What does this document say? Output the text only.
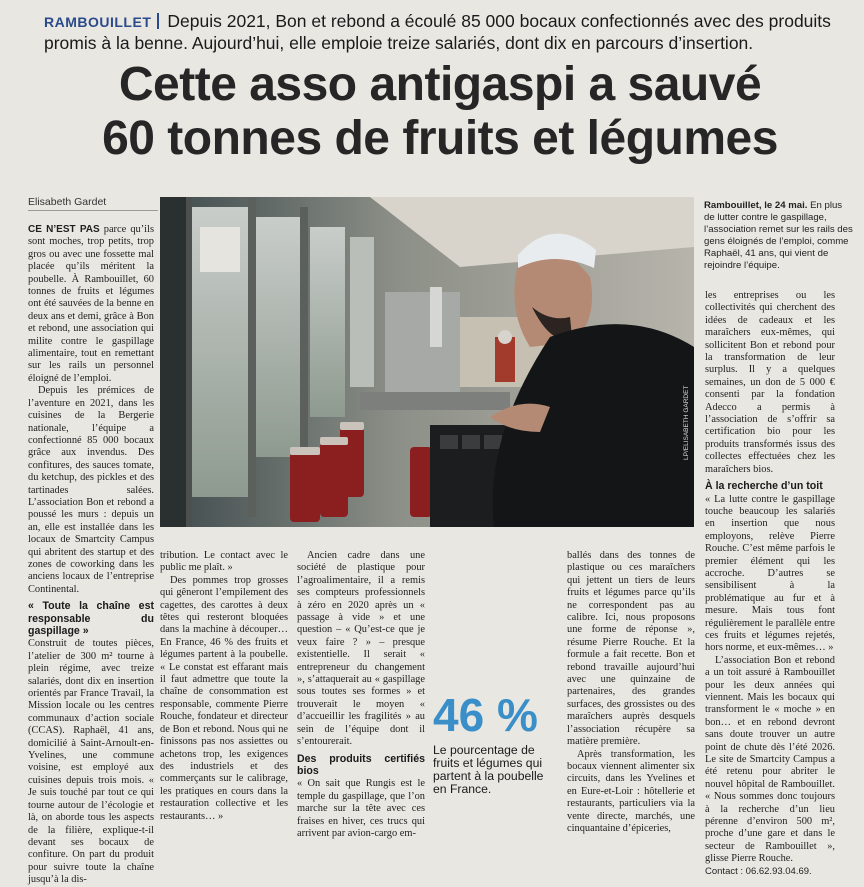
RAMBOUILLET Depuis 2021, Bon et rebond a écoulé 85 000 bocaux confectionnés avec des produits promis à la benne. Aujourd’hui, elle emploie treize salariés, dont dix en parcours d’insertion.
Cette asso antigaspi a sauvé
60 tonnes de fruits et légumes
Elisabeth Gardet
LP/ELISABETH GARDET
Rambouillet, le 24 mai. En plus de lutter contre le gaspillage, l’association remet sur les rails des gens éloignés de l’emploi, comme Raphaël, 41 ans, qui vient de rejoindre l’équipe.

CE N’EST PAS parce qu’ils sont moches, trop petits, trop gros ou avec une fossette mal placée qu’ils méritent la poubelle. À Rambouillet, 60 tonnes de fruits et légumes ont été sauvées de la benne en deux ans et demi, grâce à Bon et rebond, une association qui milite contre le gaspillage alimentaire, tout en remettant sur les rails un personnel éloigné de l’emploi.

Depuis les prémices de l’aventure en 2021, dans les cuisines de la Bergerie nationale, l’équipe a confectionné 85 000 bocaux grâce aux invendus. Des confitures, des sauces tomate, du ketchup, des pickles et des tartinades salées. L’association Bon et rebond a poussé les murs : depuis un an, elle est installée dans les locaux de Smartcity Campus qui abritent des startup et des zones de coworking dans les anciens locaux de l’entreprise Continental.

« Toute la chaîne est responsable du gaspillage »

Construit de toutes pièces, l’atelier de 300 m² tourne à plein régime, avec treize salariés, dont dix en insertion orientés par France Travail, la Mission locale ou les centres communaux d’action sociale (CCAS). Raphaël, 41 ans, domicilié à Saint-Arnoult-en-Yvelines, une commune voisine, est employé aux cuisines depuis trois mois. « Je suis touché par tout ce qui tourne autour de l’écologie et là, on aborde tous les aspects de la filière, explique-t-il devant ses bocaux de confiture. On part du produit pour suivre toute la chaîne jusqu’à la dis-

tribution. Le contact avec le public me plaît. »

Des pommes trop grosses qui gêneront l’empilement des cagettes, des carottes à deux têtes qui resteront bloquées dans la machine à découper… En France, 46 % des fruits et légumes partent à la poubelle. « Le constat est effarant mais il faut admettre que toute la chaîne de consommation est responsable, commente Pierre Rouche, fondateur et directeur de Bon et rebond. Nous qui ne finissons pas nos assiettes ou achetons trop, les exigences des industriels et des commerçants sur le calibrage, les pratiques en cours dans la restauration collective et les restaurants… »

Ancien cadre dans une société de plastique pour l’agroalimentaire, il a remis ses compteurs professionnels à zéro en 2020 après un « passage à vide » et une question – « Qu’est-ce que je veux faire ? » – presque existentielle. Il serait « entrepreneur du changement », s’attaquerait au « gaspillage sous toutes ses formes » et trouverait le moyen « d’accueillir les fragilités » au sein de l’équipe dont il s’entourerait.

Des produits certifiés bios

« On sait que Rungis est le temple du gaspillage, que l’on marche sur la tête avec ces fraises en hiver, ces trucs qui arrivent par avion-cargo em-

46 %
Le pourcentage de fruits et légumes qui partent à la poubelle en France.

ballés dans des tonnes de plastique ou ces maraîchers qui jettent un tiers de leurs fruits et légumes parce qu’ils ne correspondent pas au calibre. Ici, nous proposons une forme de réponse », résume Pierre Rouche. Et la formule a fait recette. Bon et rebond travaille aujourd’hui avec une quinzaine de partenaires, des grandes surfaces, des grossistes ou des maraîchers auprès desquels l’association récupère sa matière première.

Après transformation, les bocaux viennent alimenter six circuits, dans les Yvelines et en Eure-et-Loir : hôtellerie et restaurants, particuliers via la vente directe, marchés, une cinquantaine d’épiceries,

les entreprises ou les collectivités qui cherchent des idées de cadeaux et les maraîchers eux-mêmes, qui sollicitent Bon et rebond pour la transformation de leur surplus. Il y a quelques semaines, un don de 5 000 € consenti par la fondation Adecco a permis à l’association de s’offrir sa certification bio pour les produits transformés issus des collectes effectuées chez les maraîchers bios.

À la recherche d’un toit

« La lutte contre le gaspillage touche beaucoup les salariés en insertion que nous employons, relève Pierre Rouche. C’est même parfois le premier élément qui les accroche. D’autres se sensibilisent à la problématique au fur et à mesure. Mais tous font régulièrement le parallèle entre ces fruits et légumes rejetés, hors norme, et eux-mêmes… »

L’association Bon et rebond a un toit assuré à Rambouillet pour les deux années qui viennent. Mais les bocaux qui transforment le « moche » en bon… et en rebond devront sans doute trouver un autre point de chute dès l’été 2026. Le site de Smartcity Campus a été retenu pour abriter le nouvel hôpital de Rambouillet. « Nous sommes donc toujours à la recherche d’un lieu pérenne d’environ 500 m², proche d’une gare et dans le secteur de Rambouillet », glisse Pierre Rouche.

Contact : 06.62.93.04.69.
